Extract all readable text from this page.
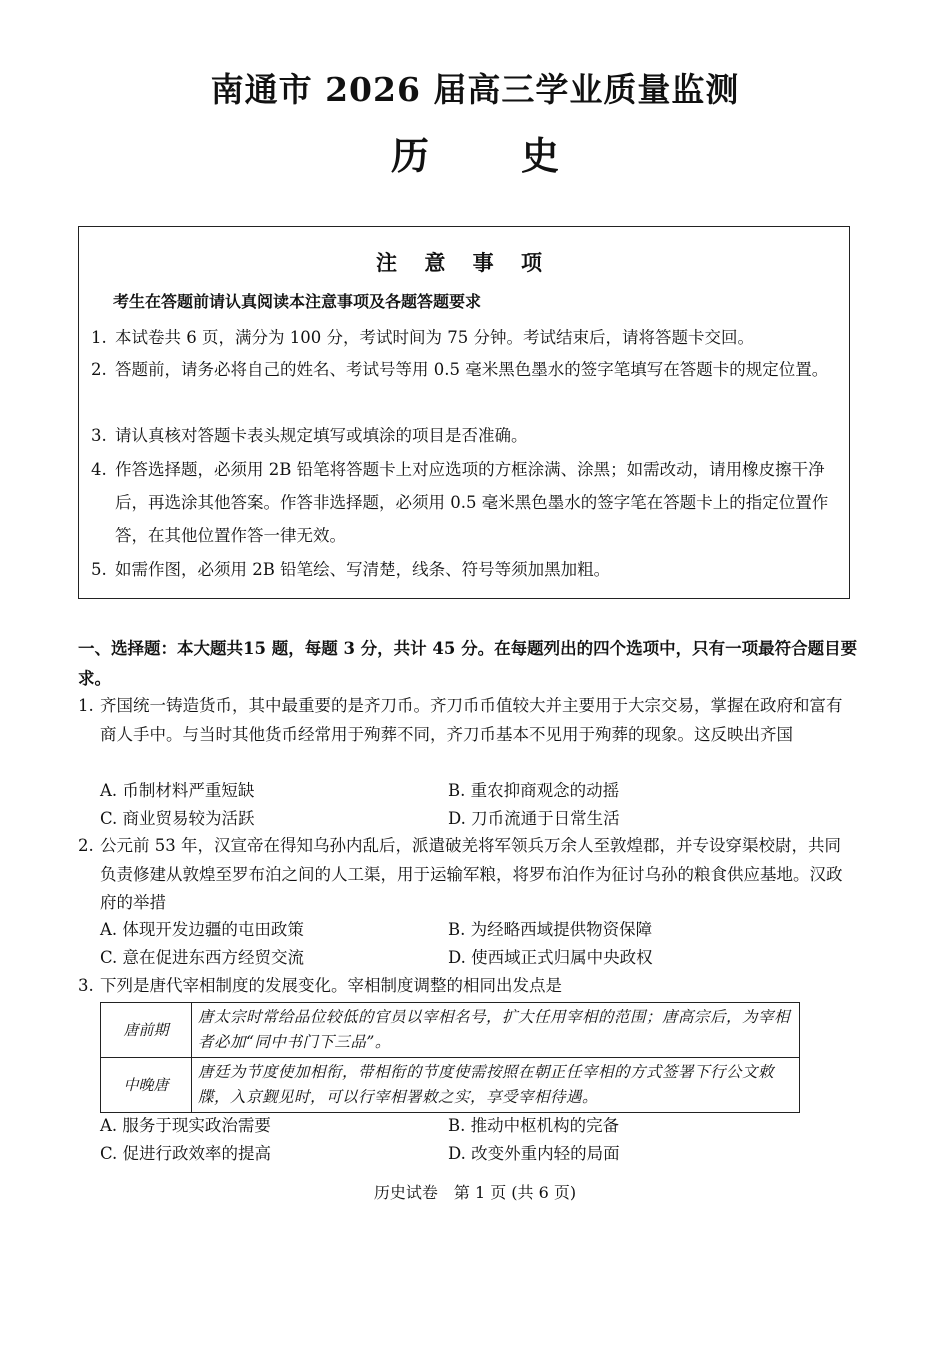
南通市 2026 届高三学业质量监测
历 史
注 意 事 项
考生在答题前请认真阅读本注意事项及各题答题要求
1. 本试卷共 6 页，满分为 100 分，考试时间为 75 分钟。考试结束后，请将答题卡交回。
2. 答题前，请务必将自己的姓名、考试号等用 0.5 毫米黑色墨水的签字笔填写在答题卡的规定位置。
3. 请认真核对答题卡表头规定填写或填涂的项目是否准确。
4. 作答选择题，必须用 2B 铅笔将答题卡上对应选项的方框涂满、涂黑；如需改动，请用橡皮擦干净后，再选涂其他答案。作答非选择题，必须用 0.5 毫米黑色墨水的签字笔在答题卡上的指定位置作答，在其他位置作答一律无效。
5. 如需作图，必须用 2B 铅笔绘、写清楚，线条、符号等须加黑加粗。
一、选择题：本大题共15 题，每题 3 分，共计 45 分。在每题列出的四个选项中，只有一项最符合题目要求。
1. 齐国统一铸造货币，其中最重要的是齐刀币。齐刀币币值较大并主要用于大宗交易，掌握在政府和富有商人手中。与当时其他货币经常用于殉葬不同，齐刀币基本不见用于殉葬的现象。这反映出齐国
A. 币制材料严重短缺	B. 重农抑商观念的动摇
C. 商业贸易较为活跃	D. 刀币流通于日常生活
2. 公元前 53 年，汉宣帝在得知乌孙内乱后，派遣破羌将军领兵万余人至敦煌郡，并专设穿渠校尉，共同负责修建从敦煌至罗布泊之间的人工渠，用于运输军粮，将罗布泊作为征讨乌孙的粮食供应基地。汉政府的举措
A. 体现开发边疆的屯田政策	B. 为经略西域提供物资保障
C. 意在促进东西方经贸交流	D. 使西域正式归属中央政权
3. 下列是唐代宰相制度的发展变化。宰相制度调整的相同出发点是
唐前期	唐太宗时常给品位较低的官员以宰相名号，扩大任用宰相的范围；唐高宗后，为宰相者必加“同中书门下三品”。
中晚唐	唐廷为节度使加相衔，带相衔的节度使需按照在朝正任宰相的方式签署下行公文敕牒，入京觐见时，可以行宰相署敕之实，享受宰相待遇。
A. 服务于现实政治需要	B. 推动中枢机构的完备
C. 促进行政效率的提高	D. 改变外重内轻的局面
历史试卷　第 1 页 (共 6 页)
